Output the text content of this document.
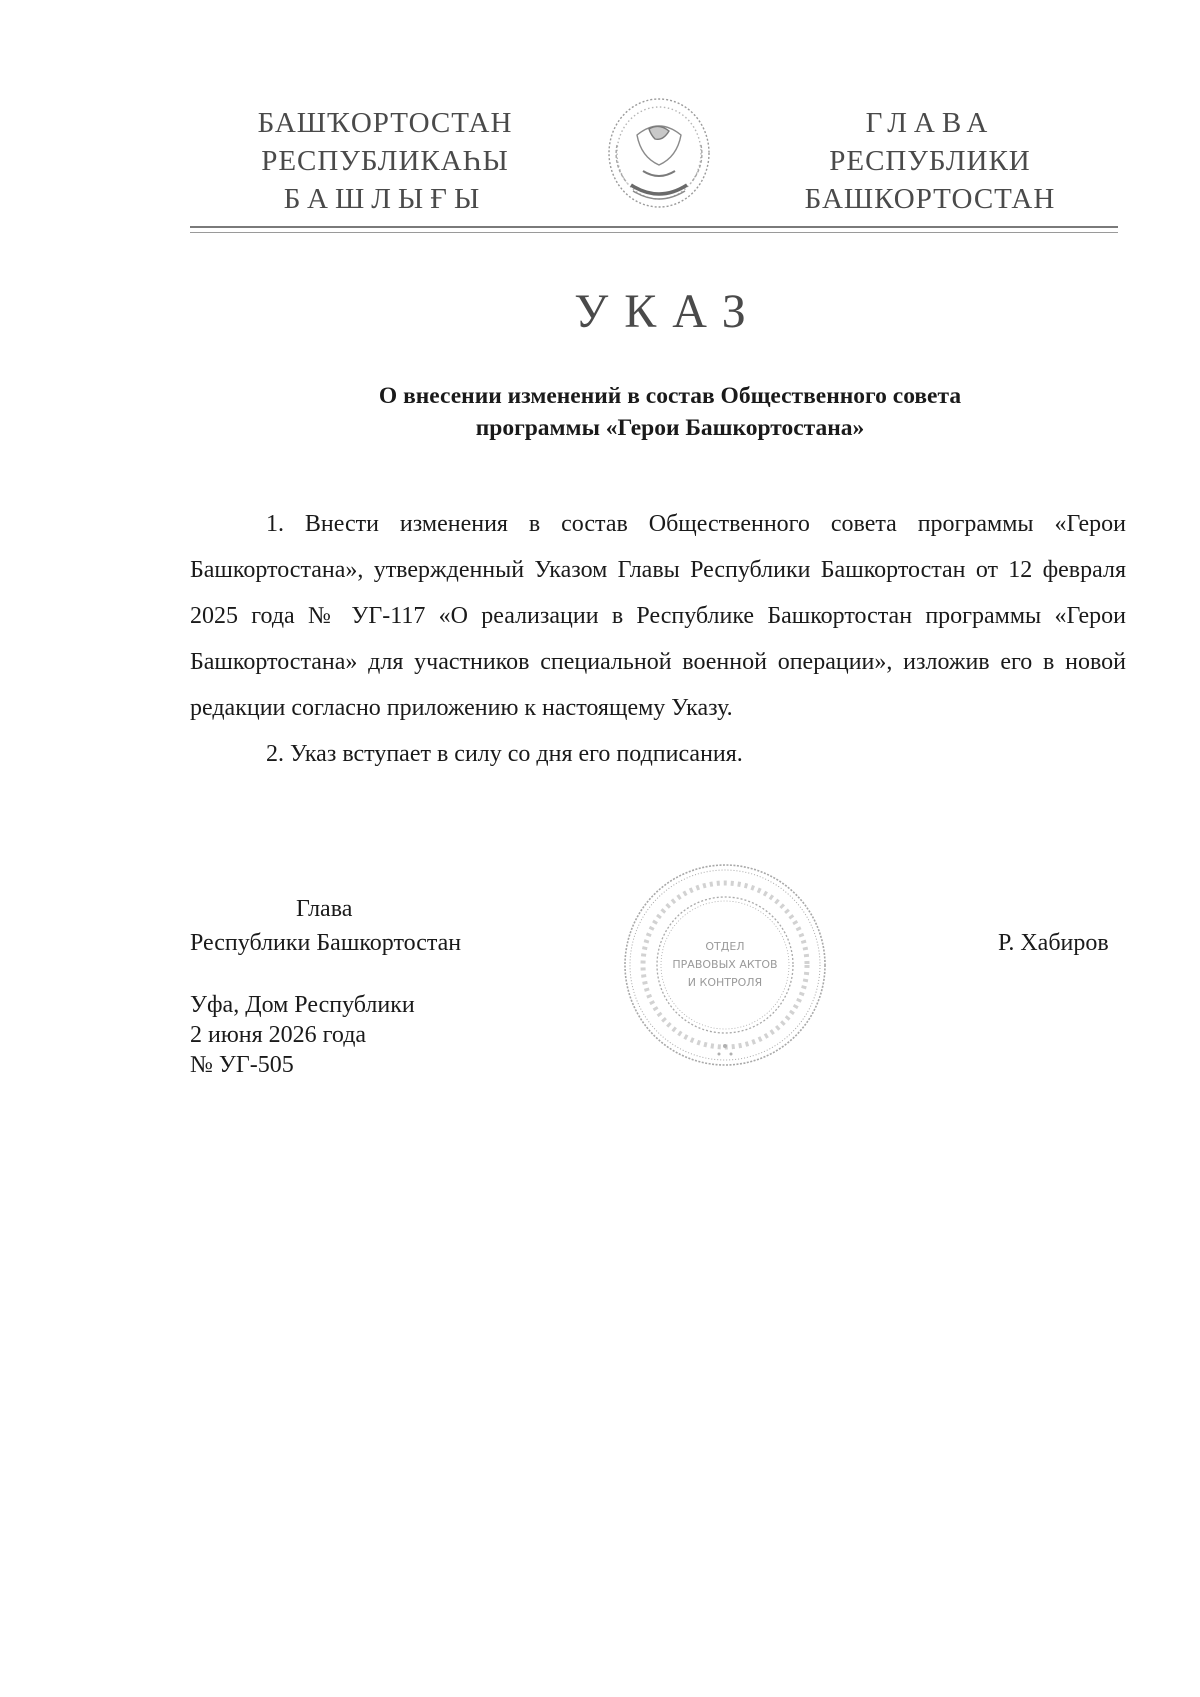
БАШҠОРТОСТАН
РЕСПУБЛИКАҺЫ
БАШЛЫҒЫ
ГЛАВА
РЕСПУБЛИКИ
БАШКОРТОСТАН
УКАЗ
О внесении изменений в состав Общественного совета
программы «Герои Башкортостана»

1. Внести изменения в состав Общественного совета программы «Герои Башкортостана», утвержденный Указом Главы Республики Башкортостан от 12 февраля 2025 года № УГ-117 «О реализации в Республике Башкортостан программы «Герои Башкортостана» для участников специальной военной операции», изложив его в новой редакции согласно приложению к настоящему Указу.

2. Указ вступает в силу со дня его подписания.

Глава
Республики Башкортостан	ОТДЕЛ
ПРАВОВЫХ АКТОВ
И КОНТРОЛЯ
Р. Хабиров
Уфа, Дом Республики
2 июня 2026 года
№ УГ-505
